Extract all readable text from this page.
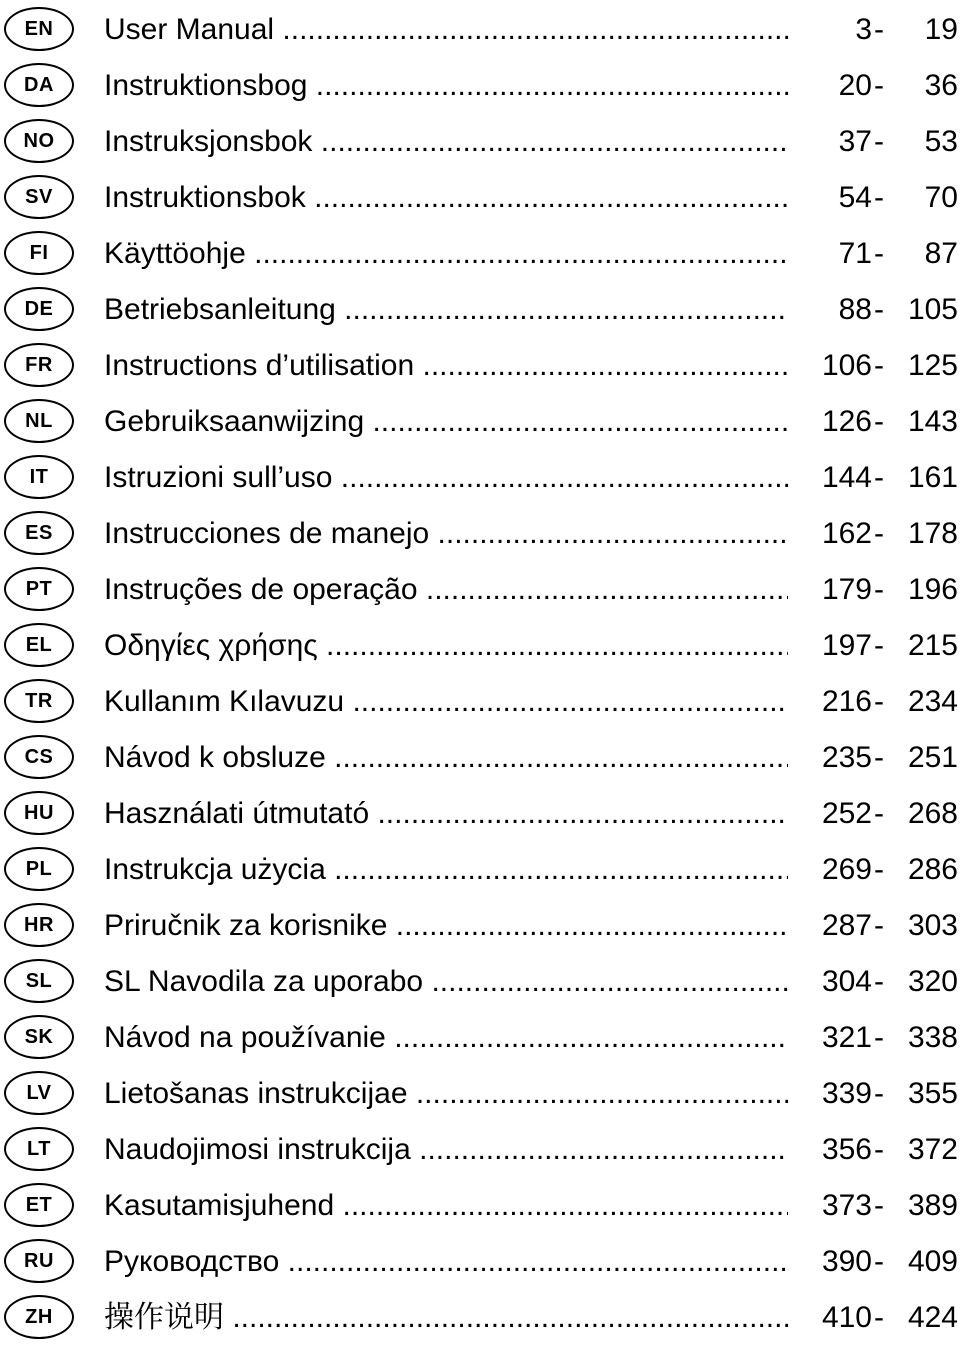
EN	User Manual .....	3 - 19
DA	Instruktionsbog .....	20 - 36
NO	Instruksjonsbok .....	37 - 53
SV	Instruktionsbok .....	54 - 70
FI	Käyttöohje .....	71 - 87
DE	Betriebsanleitung .....	88 - 105
FR	Instructions d’utilisation .....	106 - 125
NL	Gebruiksaanwijzing .....	126 - 143
IT	Istruzioni sull’uso .....	144 - 161
ES	Instrucciones de manejo .....	162 - 178
PT	Instruções de operação .....	179 - 196
EL	Οδηγίες χρήσης .....	197 - 215
TR	Kullanım Kılavuzu .....	216 - 234
CS	Návod k obsluze .....	235 - 251
HU	Használati útmutató .....	252 - 268
PL	Instrukcja użycia .....	269 - 286
HR	Priručnik za korisnike .....	287 - 303
SL	SL Navodila za uporabo .....	304 - 320
SK	Návod na používanie .....	321 - 338
LV	Lietošanas instrukcijae .....	339 - 355
LT	Naudojimosi instrukcija .....	356 - 372
ET	Kasutamisjuhend .....	373 - 389
RU	Руководство .....	390 - 409
ZH	操作说明 .....	410 - 424
